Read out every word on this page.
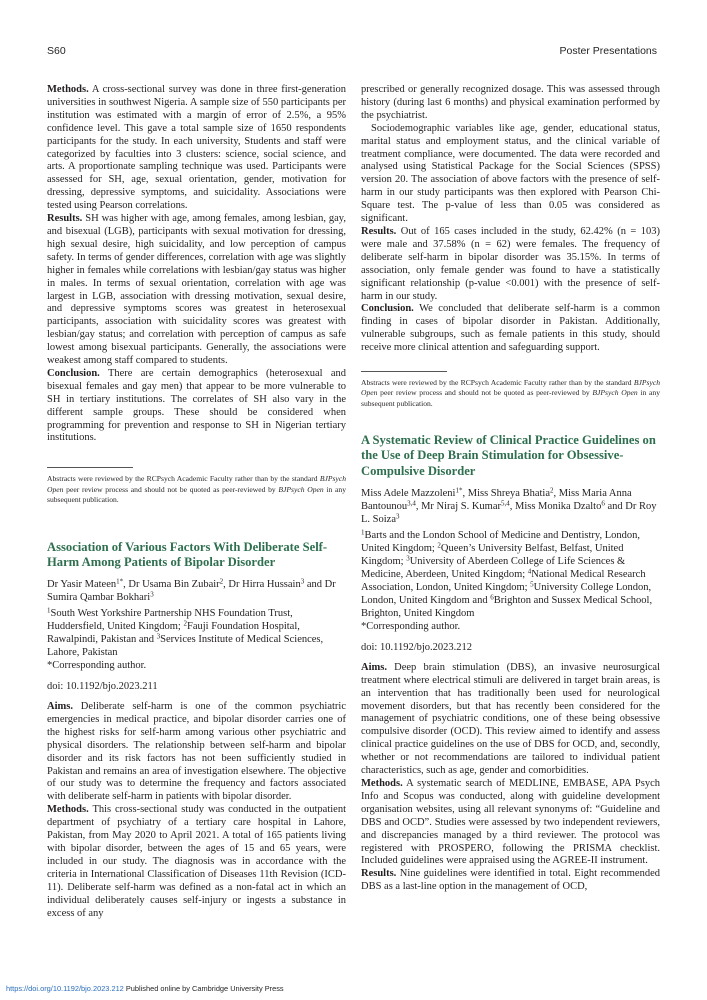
S60	Poster Presentations

Methods. A cross-sectional survey was done in three first-generation universities in southwest Nigeria. A sample size of 550 participants per institution was estimated with a margin of error of 2.5%, a 95% confidence level. This gave a total sample size of 1650 respondents participants for the study. In each university, Students and staff were categorized by faculties into 3 clusters: science, social science, and arts. A proportionate sampling technique was used. Participants were assessed for SH, age, sexual orientation, gender, motivation for dressing, depressive symptoms, and suicidality. Associations were tested using Pearson correlations.

Results. SH was higher with age, among females, among lesbian, gay, and bisexual (LGB), participants with sexual motivation for dressing, high sexual desire, high suicidality, and low perception of campus safety. In terms of gender differences, correlation with age was slightly higher in females while correlations with lesbian/gay status was higher in males. In terms of sexual orientation, correlation with age was largest in LGB, association with dressing motivation, sexual desire, and depressive symptoms scores was greatest in heterosexual participants, association with suicidality scores was greatest with lesbian/gay status; and correlation with perception of campus as safe lowest among bisexual participants. Generally, the associations were weakest among staff compared to students.

Conclusion. There are certain demographics (heterosexual and bisexual females and gay men) that appear to be more vulnerable to SH in tertiary institutions. The correlates of SH also vary in the different sample groups. These should be considered when programming for prevention and response to SH in Nigerian tertiary institutions.

Abstracts were reviewed by the RCPsych Academic Faculty rather than by the standard BJPsych Open peer review process and should not be quoted as peer-reviewed by BJPsych Open in any subsequent publication.

Association of Various Factors With Deliberate Self-Harm Among Patients of Bipolar Disorder
Dr Yasir Mateen$^{1*}$, Dr Usama Bin Zubair$^2$, Dr Hirra Hussain$^3$ and Dr Sumira Qambar Bokhari$^3$
$^1$South West Yorkshire Partnership NHS Foundation Trust, Huddersfield, United Kingdom; $^2$Fauji Foundation Hospital, Rawalpindi, Pakistan and $^3$Services Institute of Medical Sciences, Lahore, Pakistan
*Corresponding author.
doi: 10.1192/bjo.2023.211

Aims. Deliberate self-harm is one of the common psychiatric emergencies in medical practice, and bipolar disorder carries one of the highest risks for self-harm among various other psychiatric and physical disorders. The relationship between self-harm and bipolar disorder and its risk factors has not been sufficiently studied in Pakistan and remains an area of investigation elsewhere. The objective of our study was to determine the frequency and factors associated with deliberate self-harm in patients with bipolar disorder.

Methods. This cross-sectional study was conducted in the outpatient department of psychiatry of a tertiary care hospital in Lahore, Pakistan, from May 2020 to April 2021. A total of 165 patients living with bipolar disorder, between the ages of 15 and 65 years, were included in our study. The diagnosis was in accordance with the criteria in International Classification of Diseases 11th Revision (ICD-11). Deliberate self-harm was defined as a non-fatal act in which an individual deliberately causes self-injury or ingests a substance in excess of any

prescribed or generally recognized dosage. This was assessed through history (during last 6 months) and physical examination performed by the psychiatrist.

Sociodemographic variables like age, gender, educational status, marital status and employment status, and the clinical variable of treatment compliance, were documented. The data were recorded and analysed using Statistical Package for the Social Sciences (SPSS) version 20. The association of above factors with the presence of self-harm in our study participants was then explored with Pearson Chi-Square test. The p-value of less than 0.05 was considered as significant.

Results. Out of 165 cases included in the study, 62.42% (n = 103) were male and 37.58% (n = 62) were females. The frequency of deliberate self-harm in bipolar disorder was 35.15%. In terms of association, only female gender was found to have a statistically significant relationship (p-value <0.001) with the presence of self-harm in our study.

Conclusion. We concluded that deliberate self-harm is a common finding in cases of bipolar disorder in Pakistan. Additionally, vulnerable subgroups, such as female patients in this study, should receive more clinical attention and safeguarding support.

Abstracts were reviewed by the RCPsych Academic Faculty rather than by the standard BJPsych Open peer review process and should not be quoted as peer-reviewed by BJPsych Open in any subsequent publication.

A Systematic Review of Clinical Practice Guidelines on the Use of Deep Brain Stimulation for Obsessive-Compulsive Disorder
Miss Adele Mazzoleni$^{1*}$, Miss Shreya Bhatia$^2$, Miss Maria Anna Bantounou$^{3,4}$, Mr Niraj S. Kumar$^{5,4}$, Miss Monika Dzalto$^6$ and Dr Roy L. Soiza$^3$
$^1$Barts and the London School of Medicine and Dentistry, London, United Kingdom; $^2$Queen’s University Belfast, Belfast, United Kingdom; $^3$University of Aberdeen College of Life Sciences & Medicine, Aberdeen, United Kingdom; $^4$National Medical Research Association, London, United Kingdom; $^5$University College London, London, United Kingdom and $^6$Brighton and Sussex Medical School, Brighton, United Kingdom
*Corresponding author.
doi: 10.1192/bjo.2023.212

Aims. Deep brain stimulation (DBS), an invasive neurosurgical treatment where electrical stimuli are delivered in target brain areas, is an intervention that has traditionally been used for neurological movement disorders, but that has recently been considered for the management of psychiatric conditions, one of these being obsessive compulsive disorder (OCD). This review aimed to identify and assess clinical practice guidelines on the use of DBS for OCD, and, secondly, whether or not recommendations are tailored to individual patient characteristics, such as age, gender and comorbidities.

Methods. A systematic search of MEDLINE, EMBASE, APA Psych Info and Scopus was conducted, along with guideline development organisation websites, using all relevant synonyms of: “Guideline and DBS and OCD”. Studies were assessed by two independent reviewers, and discrepancies managed by a third reviewer. The protocol was registered with PROSPERO, following the PRISMA checklist. Included guidelines were appraised using the AGREE-II instrument.

Results. Nine guidelines were identified in total. Eight recommended DBS as a last-line option in the management of OCD,

https://doi.org/10.1192/bjo.2023.212 Published online by Cambridge University Press
